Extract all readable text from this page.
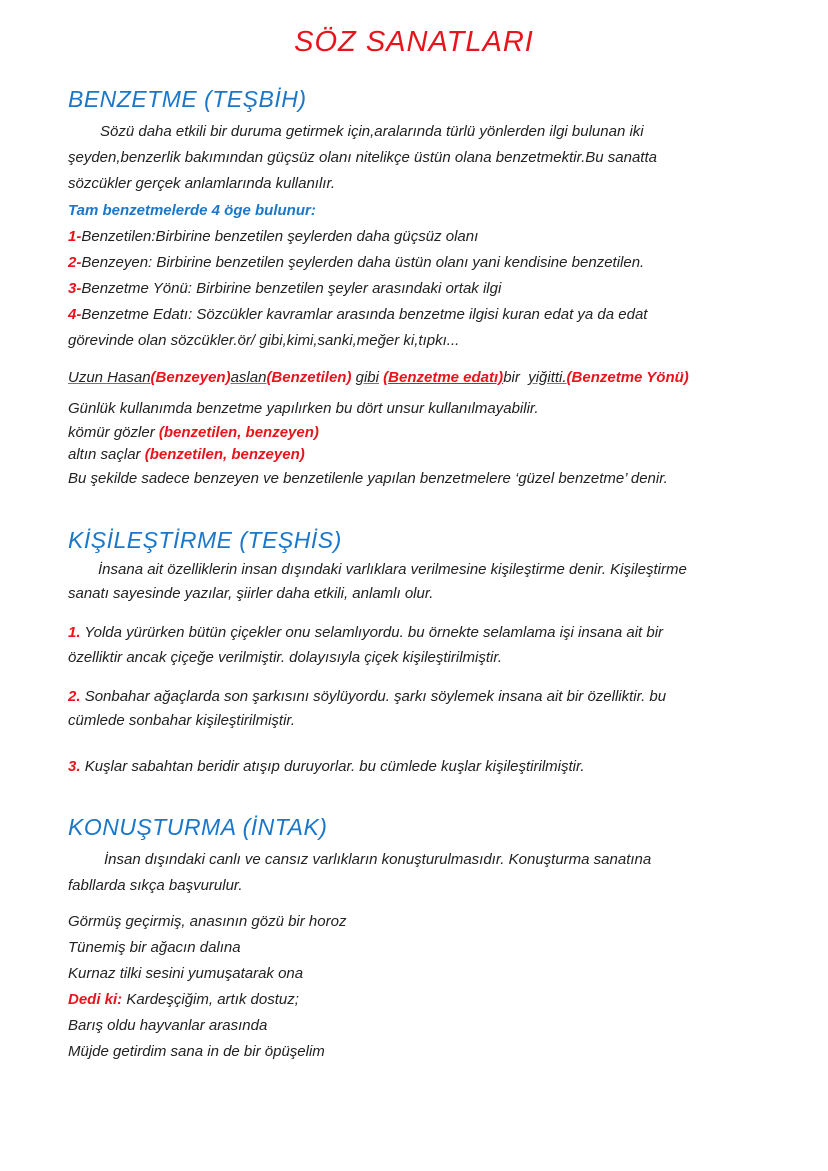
SÖZ SANATLARI
BENZETME (TEŞBİH)
Sözü daha etkili bir duruma getirmek için,aralarında türlü yönlerden ilgi bulunan iki
şeyden,benzerlik bakımından güçsüz olanı nitelikçe üstün olana benzetmektir.Bu sanatta
sözcükler gerçek anlamlarında kullanılır.
Tam benzetmelerde 4 öge bulunur:
1-Benzetilen:Birbirine benzetilen şeylerden daha güçsüz olanı
2-Benzeyen: Birbirine benzetilen şeylerden daha üstün olanı yani kendisine benzetilen.
3-Benzetme Yönü: Birbirine benzetilen şeyler arasındaki ortak ilgi
4-Benzetme Edatı: Sözcükler kavramlar arasında benzetme ilgisi kuran edat ya da edat
görevinde olan sözcükler.ör/ gibi,kimi,sanki,meğer ki,tıpkı...
Uzun Hasan(Benzeyen)aslan(Benzetilen) gibi (Benzetme edatı)bir yiğitti.(Benzetme Yönü)
Günlük kullanımda benzetme yapılırken bu dört unsur kullanılmayabilir.
kömür gözler (benzetilen, benzeyen)
altın saçlar (benzetilen, benzeyen)
Bu şekilde sadece benzeyen ve benzetilenle yapılan benzetmelere ‘güzel benzetme’ denir.
KİŞİLEŞTİRME (TEŞHİS)
İnsana ait özelliklerin insan dışındaki varlıklara verilmesine kişileştirme denir. Kişileştirme
sanatı sayesinde yazılar, şiirler daha etkili, anlamlı olur.
1. Yolda yürürken bütün çiçekler onu selamlıyordu. bu örnekte selamlama işi insana ait bir
özelliktir ancak çiçeğe verilmiştir. dolayısıyla çiçek kişileştirilmiştir.
2. Sonbahar ağaçlarda son şarkısını söylüyordu. şarkı söylemek insana ait bir özelliktir. bu
cümlede sonbahar kişileştirilmiştir.
3. Kuşlar sabahtan beridir atışıp duruyorlar. bu cümlede kuşlar kişileştirilmiştir.
KONUŞTURMA (İNTAK)
İnsan dışındaki canlı ve cansız varlıkların konuşturulmasıdır. Konuşturma sanatına
fabllarda sıkça başvurulur.
Görmüş geçirmiş, anasının gözü bir horoz
Tünemiş bir ağacın dalına
Kurnaz tilki sesini yumuşatarak ona
Dedi ki: Kardeşçiğim, artık dostuz;
Barış oldu hayvanlar arasında
Müjde getirdim sana in de bir öpüşelim
